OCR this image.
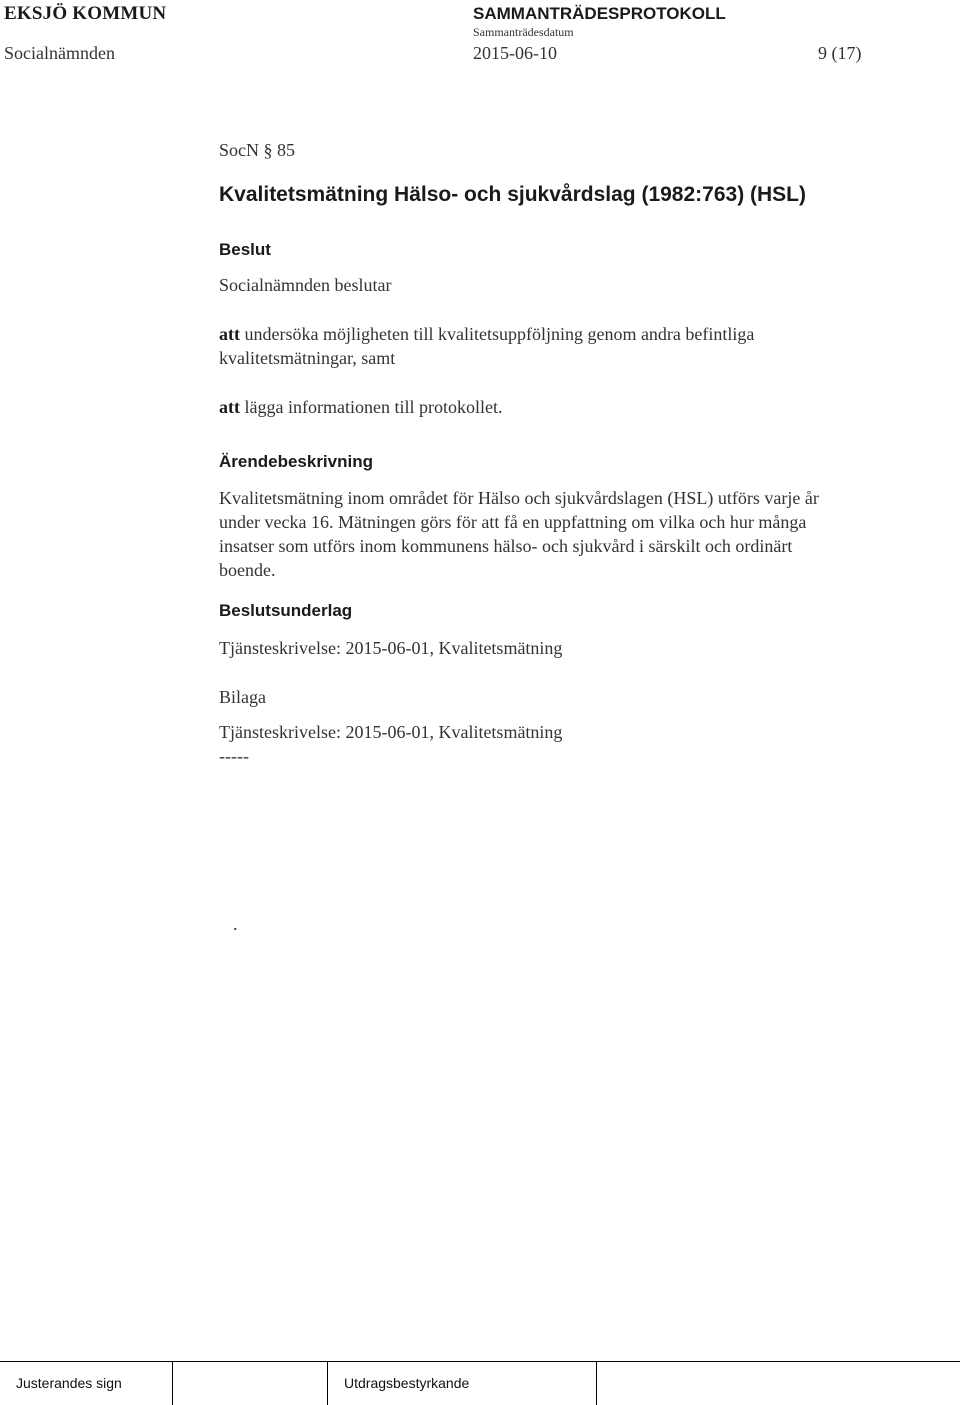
EKSJÖ KOMMUN	SAMMANTRÄDESPROTOKOLL
Sammanträdesdatum
Socialnämnden	2015-06-10	9 (17)
SocN § 85
Kvalitetsmätning Hälso- och sjukvårdslag (1982:763) (HSL)
Beslut
Socialnämnden beslutar
att undersöka möjligheten till kvalitetsuppföljning genom andra befintliga
kvalitetsmätningar, samt
att lägga informationen till protokollet.
Ärendebeskrivning
Kvalitetsmätning inom området för Hälso och sjukvårdslagen (HSL) utförs varje år
under vecka 16. Mätningen görs för att få en uppfattning om vilka och hur många
insatser som utförs inom kommunens hälso- och sjukvård i särskilt och ordinärt
boende.
Beslutsunderlag
Tjänsteskrivelse: 2015-06-01, Kvalitetsmätning
Bilaga
Tjänsteskrivelse: 2015-06-01, Kvalitetsmätning
-----
.
Justerandes sign	Utdragsbestyrkande
